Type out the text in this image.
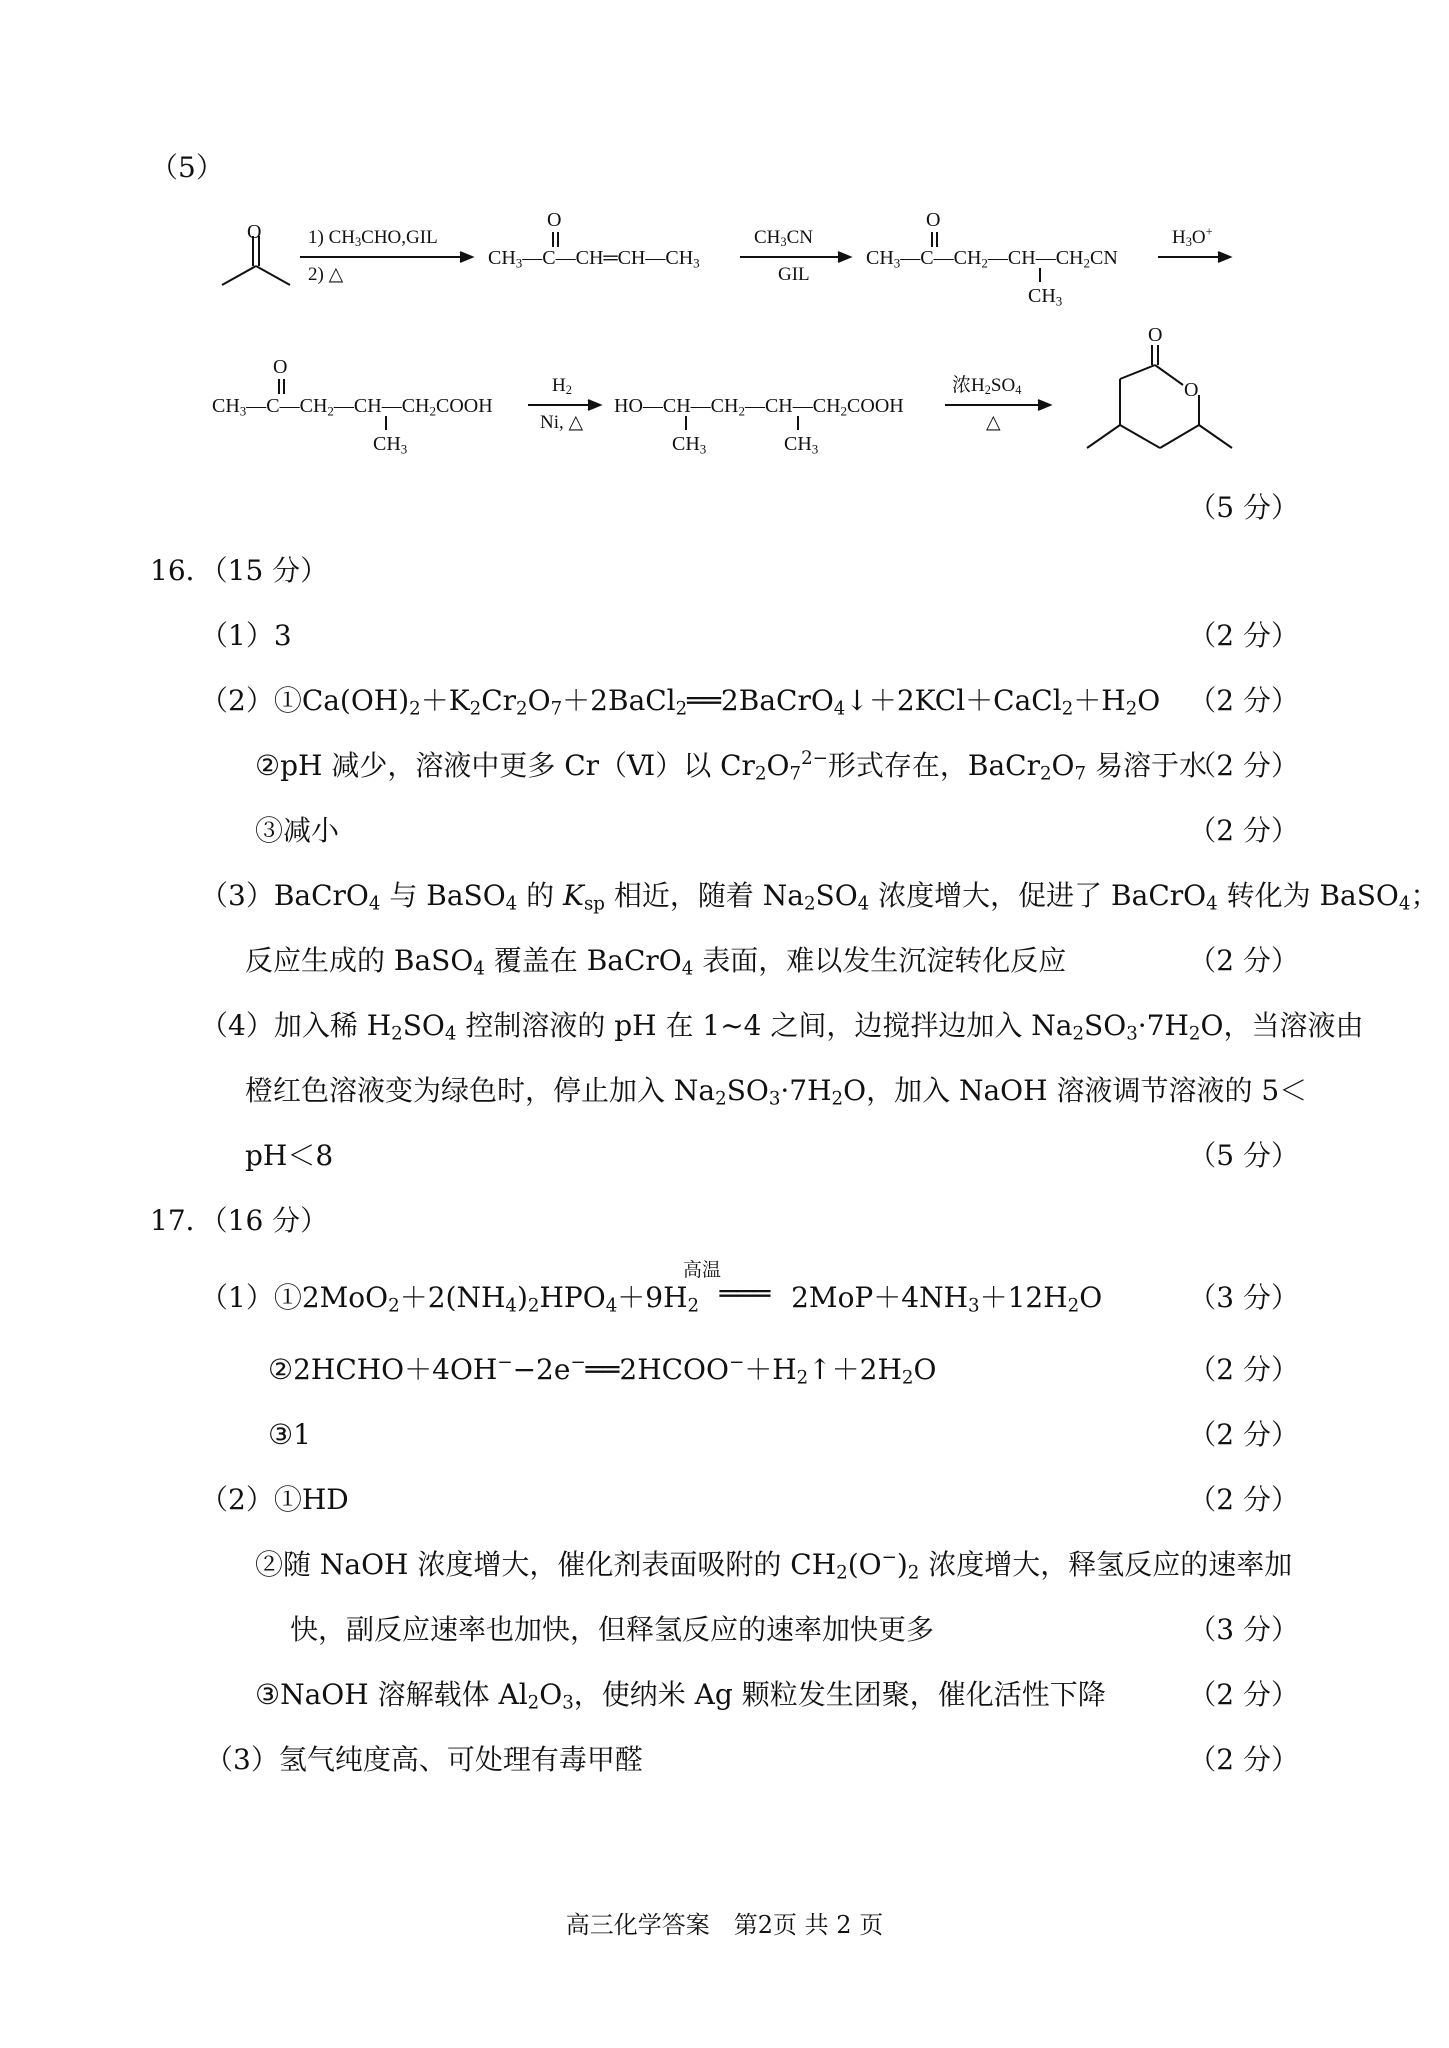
（5）
O 1) $CH_3CHO,GIL$
2) △
O
$CH_3—C—CH═CH—CH_3$
$CH_3CN$
GIL
O
$CH_3—C—CH_2—CH—CH_2CN$
$CH_3$
$H_3O^+$
O
$CH_3—C—CH_2—CH—CH_2COOH$
$CH_3$
$H_2$
Ni, △
$HO—CH—CH_2—CH—CH_2COOH$
$CH_3$	$CH_3$
浓$H_2SO_4$
△
O
O
（5 分）
16．（15 分）
（1）3	（2 分）
$(2)①Ca(OH)_2+K_2Cr_2O_7+2BaCl_2══2BaCrO_4↓+2KCl+CaCl_2+H_2O$ （2 分）
②pH 减少，溶液中更多 Cr（Ⅵ）以 $Cr_2O_7^{2-}$形式存在，$BaCr_2O_7$ 易溶于水
（2 分）
③减小	（2 分）
（3）BaCrO$_4$ 与 BaSO$_4$ 的 $K_{sp}$ 相近，随着 $Na_2SO_4$ 浓度增大，促进了 BaCrO$_4$ 转化为 BaSO$_4$；
反应生成的 BaSO$_4$ 覆盖在 BaCrO$_4$ 表面，难以发生沉淀转化反应	（2 分）
（4）加入稀 $H_2SO_4$ 控制溶液的 pH 在 1~4 之间，边搅拌边加入 $Na_2SO_3\cdot 7H_2O$，当溶液由
橙红色溶液变为绿色时，停止加入 $Na_2SO_3\cdot 7H_2O$，加入 NaOH 溶液调节溶液的 5＜
pH＜8	（5 分）
17．（16 分）
高温
$(1)①2MoO_2+2(NH_4)_2HPO_4+9H_2$ ═══ $2MoP+4NH_3+12H_2O$	（3 分）
$②2HCHO+4OH^--2e^-══2HCOO^-+H_2↑+2H_2O$	（2 分）
③1	（2 分）
（2）①HD	（2 分）
②随 NaOH 浓度增大，催化剂表面吸附的 $CH_2(O^-)_2$ 浓度增大，释氢反应的速率加
快，副反应速率也加快，但释氢反应的速率加快更多	（3 分）
③NaOH 溶解载体 $Al_2O_3$，使纳米 Ag 颗粒发生团聚，催化活性下降	（2 分）
（3）氢气纯度高、可处理有毒甲醛	（2 分）
高三化学答案　第2页 共 2 页
